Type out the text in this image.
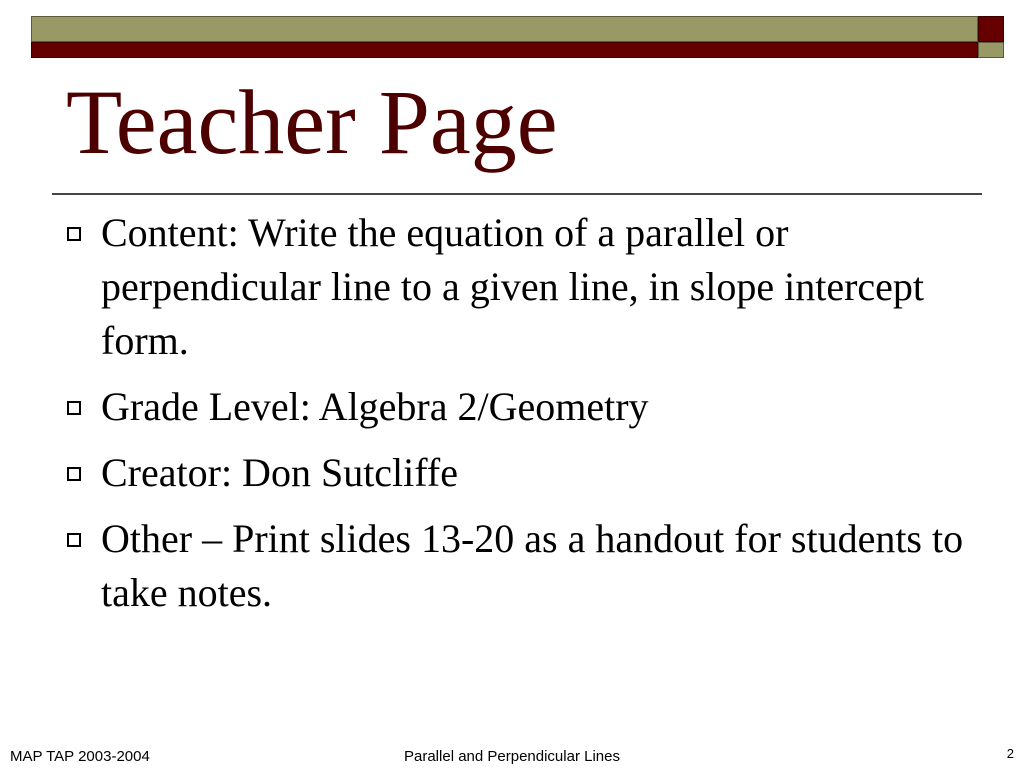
Teacher Page
Content: Write the equation of a parallel or perpendicular line to a given line, in slope intercept form.
Grade Level: Algebra 2/Geometry
Creator: Don Sutcliffe
Other – Print slides 13-20 as a handout for students to take notes.
MAP TAP 2003-2004	Parallel and Perpendicular Lines	2
